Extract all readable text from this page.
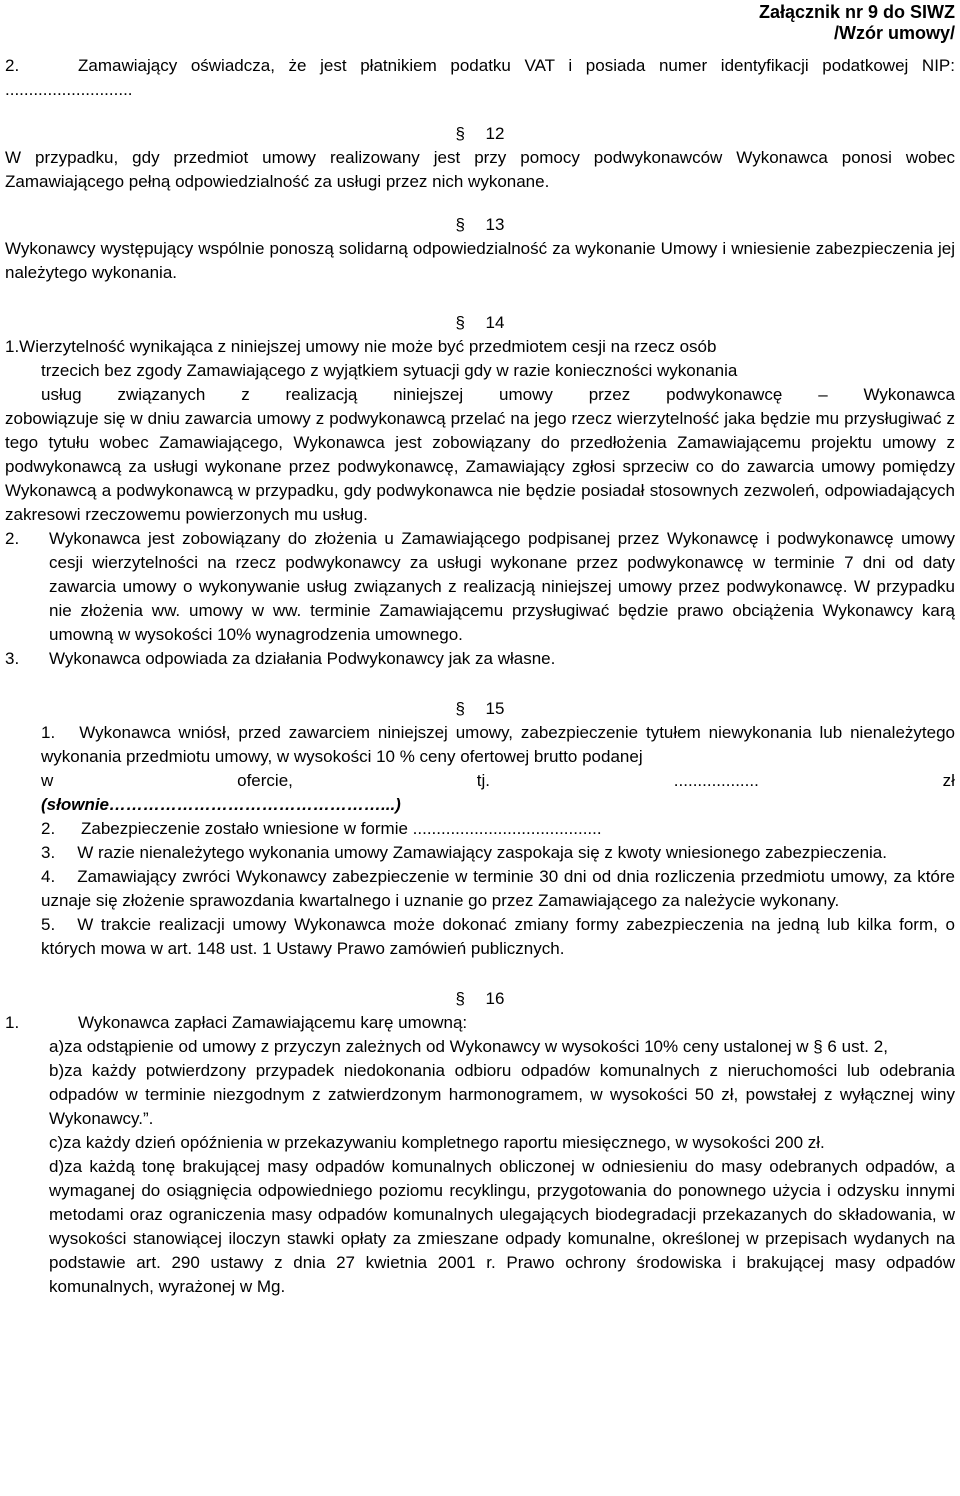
Załącznik nr 9 do SIWZ
/Wzór umowy/
2.	Zamawiający oświadcza, że jest płatnikiem podatku VAT i posiada numer identyfikacji podatkowej NIP: ...........................
§ 12

W przypadku, gdy przedmiot umowy realizowany jest przy pomocy podwykonawców Wykonawca ponosi wobec Zamawiającego pełną odpowiedzialność za usługi przez nich wykonane.

§ 13

Wykonawcy występujący wspólnie ponoszą solidarną odpowiedzialność za wykonanie Umowy i wniesienie zabezpieczenia jej należytego wykonania.

§ 14
1.Wierzytelność wynikająca z niniejszej umowy nie może być przedmiotem cesji na rzecz osób
trzecich bez zgody Zamawiającego z wyjątkiem sytuacji gdy w razie konieczności wykonania
usług związanych z realizacją niniejszej umowy przez podwykonawcę – Wykonawca
zobowiązuje się w dniu zawarcia umowy z podwykonawcą przelać na jego rzecz wierzytelność jaka będzie mu przysługiwać z tego tytułu wobec Zamawiającego, Wykonawca jest zobowiązany do przedłożenia Zamawiającemu projektu umowy z podwykonawcą za usługi wykonane przez podwykonawcę, Zamawiający zgłosi sprzeciw co do zawarcia umowy pomiędzy Wykonawcą a podwykonawcą w przypadku, gdy podwykonawca nie będzie posiadał stosownych zezwoleń, odpowiadających zakresowi rzeczowemu powierzonych mu usług.
2.	Wykonawca jest zobowiązany do złożenia u Zamawiającego podpisanej przez Wykonawcę i podwykonawcę umowy cesji wierzytelności na rzecz podwykonawcy za usługi wykonane przez podwykonawcę w terminie 7 dni od daty zawarcia umowy o wykonywanie usług związanych z realizacją niniejszej umowy przez podwykonawcę. W przypadku nie złożenia ww. umowy w ww. terminie Zamawiającemu przysługiwać będzie prawo obciążenia Wykonawcy karą umowną w wysokości 10% wynagrodzenia umownego.
3.	Wykonawca odpowiada za działania Podwykonawcy jak za własne.
§ 15
1. Wykonawca wniósł, przed zawarciem niniejszej umowy, zabezpieczenie tytułem niewykonania lub nienależytego wykonania przedmiotu umowy, w wysokości 10 % ceny ofertowej brutto podanej
w	ofercie,	tj.	..................	zł
(słownie…………………………………………...)
2.	Zabezpieczenie zostało wniesione w formie ........................................
3. W razie nienależytego wykonania umowy Zamawiający zaspokaja się z kwoty wniesionego zabezpieczenia.
4. Zamawiający zwróci Wykonawcy zabezpieczenie w terminie 30 dni od dnia rozliczenia przedmiotu umowy, za które uznaje się złożenie sprawozdania kwartalnego i uznanie go przez Zamawiającego za należycie wykonany.
5. W trakcie realizacji umowy Wykonawca może dokonać zmiany formy zabezpieczenia na jedną lub kilka form, o których mowa w art. 148 ust. 1 Ustawy Prawo zamówień publicznych.
§ 16
1.	Wykonawca zapłaci Zamawiającemu karę umowną:
a)za odstąpienie od umowy z przyczyn zależnych od Wykonawcy w wysokości 10% ceny ustalonej w § 6 ust. 2,
b)za każdy potwierdzony przypadek niedokonania odbioru odpadów komunalnych z nieruchomości lub odebrania odpadów w terminie niezgodnym z zatwierdzonym harmonogramem, w wysokości 50 zł, powstałej z wyłącznej winy Wykonawcy.”.
c)za każdy dzień opóźnienia w przekazywaniu kompletnego raportu miesięcznego, w wysokości 200 zł.
d)za każdą tonę brakującej masy odpadów komunalnych obliczonej w odniesieniu do masy odebranych odpadów, a wymaganej do osiągnięcia odpowiedniego poziomu recyklingu, przygotowania do ponownego użycia i odzysku innymi metodami oraz ograniczenia masy odpadów komunalnych ulegających biodegradacji przekazanych do składowania, w wysokości stanowiącej iloczyn stawki opłaty za zmieszane odpady komunalne, określonej w przepisach wydanych na podstawie art. 290 ustawy z dnia 27 kwietnia 2001 r. Prawo ochrony środowiska i brakującej masy odpadów komunalnych, wyrażonej w Mg.
